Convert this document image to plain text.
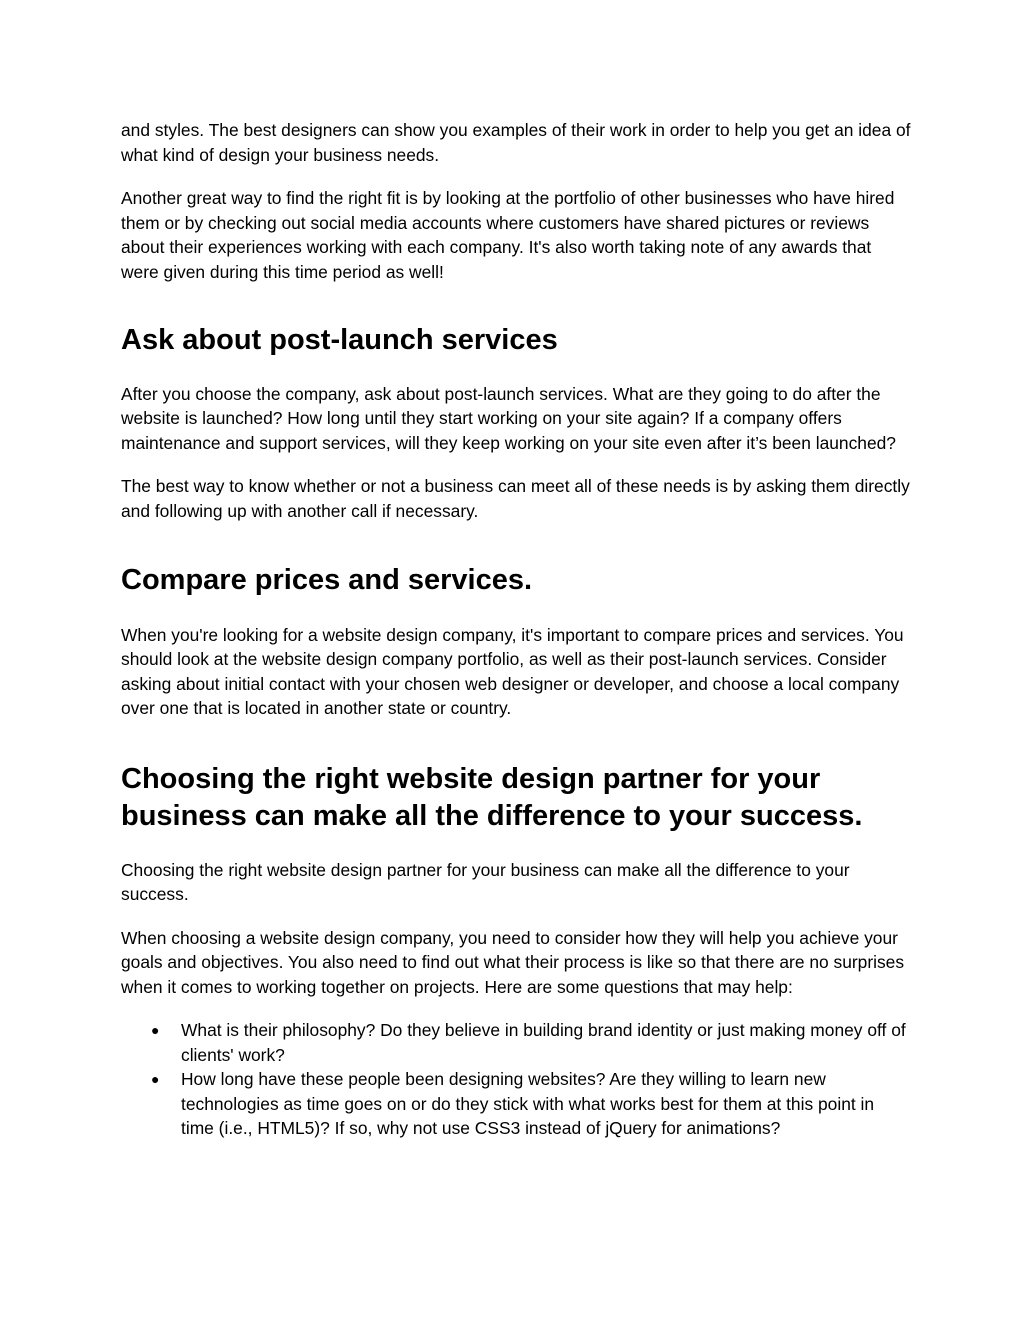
and styles. The best designers can show you examples of their work in order to help you get an idea of what kind of design your business needs.

Another great way to find the right fit is by looking at the portfolio of other businesses who have hired them or by checking out social media accounts where customers have shared pictures or reviews about their experiences working with each company. It's also worth taking note of any awards that were given during this time period as well!

Ask about post-launch services

After you choose the company, ask about post-launch services. What are they going to do after the website is launched? How long until they start working on your site again? If a company offers maintenance and support services, will they keep working on your site even after it’s been launched?

The best way to know whether or not a business can meet all of these needs is by asking them directly and following up with another call if necessary.

Compare prices and services.

When you're looking for a website design company, it's important to compare prices and services. You should look at the website design company portfolio, as well as their post-launch services. Consider asking about initial contact with your chosen web designer or developer, and choose a local company over one that is located in another state or country.

Choosing the right website design partner for your business can make all the difference to your success.

Choosing the right website design partner for your business can make all the difference to your success.

When choosing a website design company, you need to consider how they will help you achieve your goals and objectives. You also need to find out what their process is like so that there are no surprises when it comes to working together on projects. Here are some questions that may help:

● What is their philosophy? Do they believe in building brand identity or just making money off of clients' work?
● How long have these people been designing websites? Are they willing to learn new technologies as time goes on or do they stick with what works best for them at this point in time (i.e., HTML5)? If so, why not use CSS3 instead of jQuery for animations?
